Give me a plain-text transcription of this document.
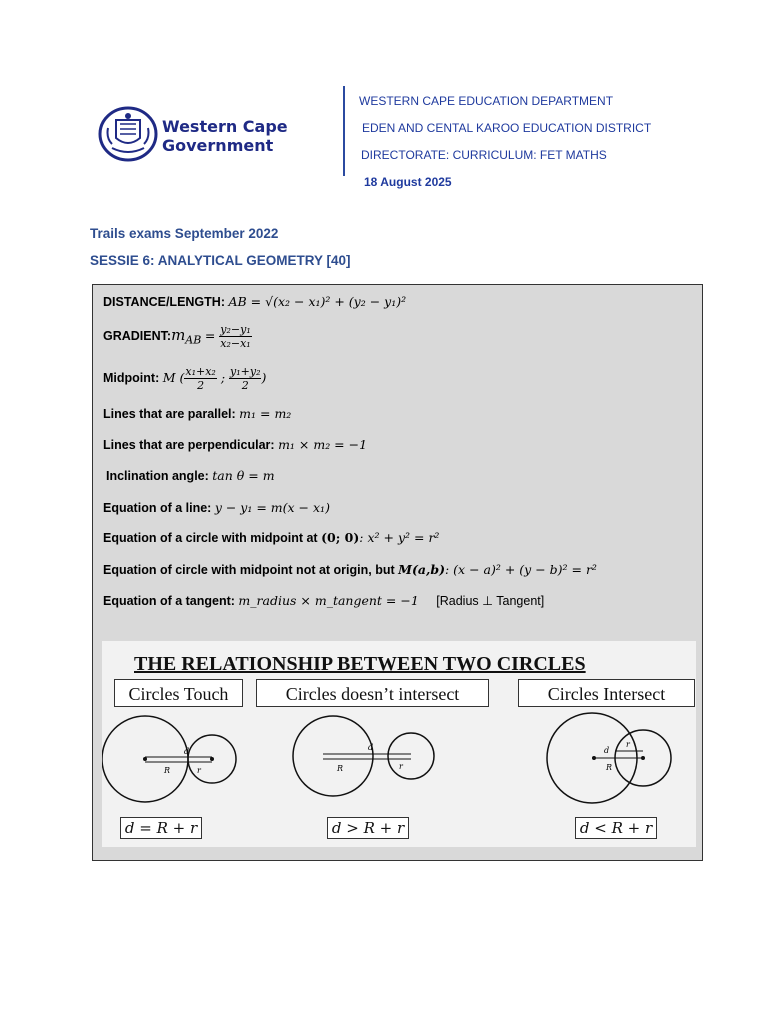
Western Cape
Government
WESTERN CAPE EDUCATION DEPARTMENT
EDEN AND CENTAL KAROO EDUCATION DISTRICT
DIRECTORATE: CURRICULUM: FET MATHS
18 August 2025
Trails exams September 2022
SESSIE 6: ANALYTICAL GEOMETRY [40]
DISTANCE/LENGTH: AB = √(x₂ − x₁)² + (y₂ − y₁)²
$GRADIENT:m_{AB} = \frac{\text{y₂−y₁}}{\text{x₂−x₁}}$
Midpoint: M ( $\frac{\text{x₁+x₂}}{2}$ ; $\frac{\text{y₁+y₂}}{2}$ )
Lines that are parallel: m₁ = m₂
Lines that are perpendicular: m₁ × m₂ = −1
Inclination angle: tan θ = m
Equation of a line: y − y₁ = m(x − x₁)
Equation of a circle with midpoint at (0; 0): x² + y² = r²
Equation of circle with midpoint not at origin, but M(a,b): (x − a)² + (y − b)² = r²
Equation of a tangent: m_radius × m_tangent = −1 [Radius ⊥ Tangent]
THE RELATIONSHIP BETWEEN TWO CIRCLES
Circles Touch	Circles doesn’t intersect	Circles Intersect
d
R	r
d
R	r
d
R
r
d = R + r	d > R + r	d < R + r
